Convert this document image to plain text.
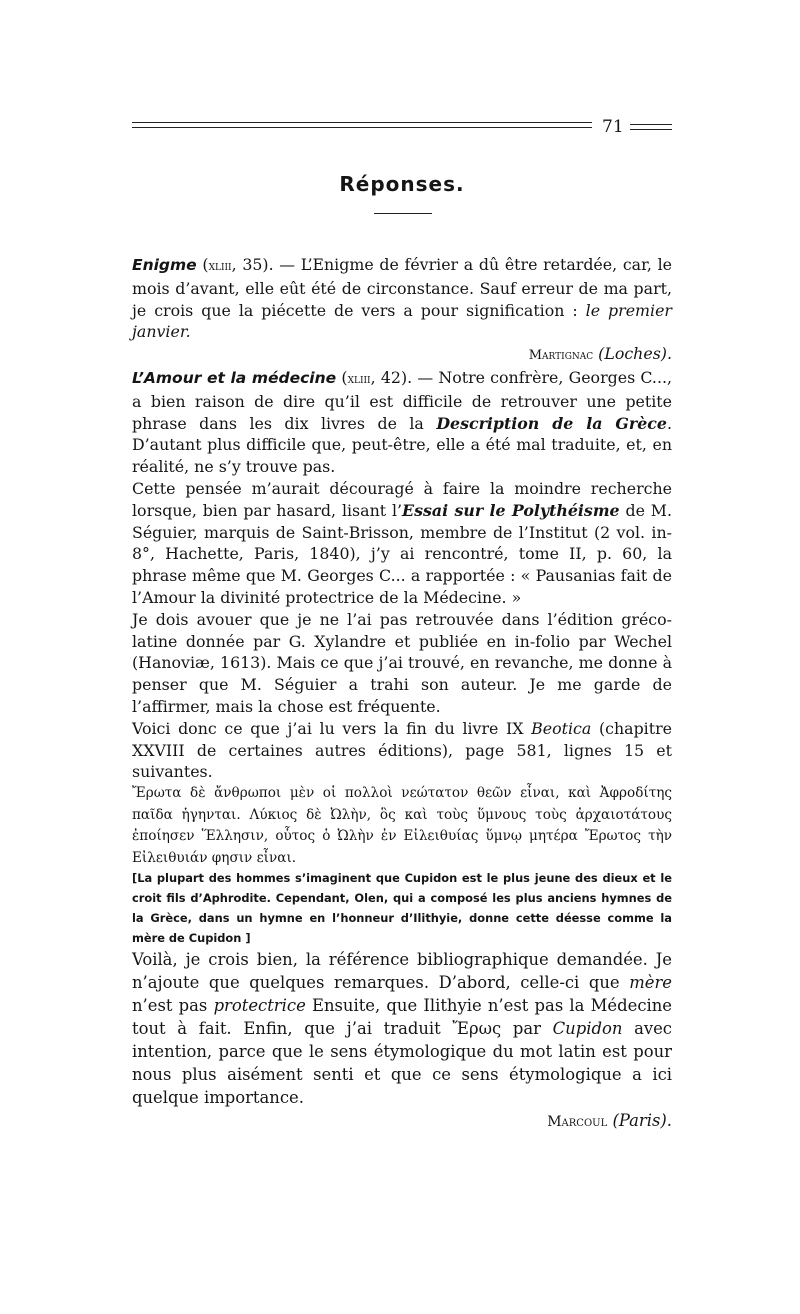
71
Réponses.

Enigme (xliii, 35). — L’Enigme de février a dû être retardée, car, le mois d’avant, elle eût été de circonstance. Sauf erreur de ma part, je crois que la piécette de vers a pour signification : le premier janvier.

Martignac (Loches).

L’Amour et la médecine (xliii, 42). — Notre confrère, Georges C..., a bien raison de dire qu’il est difficile de retrouver une petite phrase dans les dix livres de la Description de la Grèce. D’autant plus difficile que, peut-être, elle a été mal traduite, et, en réalité, ne s’y trouve pas.

Cette pensée m’aurait découragé à faire la moindre recherche lorsque, bien par hasard, lisant l’Essai sur le Polythéisme de M. Séguier, marquis de Saint-Brisson, membre de l’Institut (2 vol. in-8°, Hachette, Paris, 1840), j’y ai rencontré, tome II, p. 60, la phrase même que M. Georges C... a rapportée : « Pausanias fait de l’Amour la divinité protectrice de la Médecine. »

Je dois avouer que je ne l’ai pas retrouvée dans l’édition gréco-latine donnée par G. Xylandre et publiée en in-folio par Wechel (Hanoviæ, 1613). Mais ce que j’ai trouvé, en revanche, me donne à penser que M. Séguier a trahi son auteur. Je me garde de l’affirmer, mais la chose est fréquente.

Voici donc ce que j’ai lu vers la fin du livre IX Beotica (chapitre XXVIII de certaines autres éditions), page 581, lignes 15 et suivantes.

Ἔρωτα δὲ ἄνθρωποι μὲν οἱ πολλοὶ νεώτατον θεῶν εἶναι, καὶ Ἀφροδίτης παῖδα ἡγηνται. Λύκιος δὲ Ὠλὴν, ὃς καὶ τοὺς ὕμνους τοὺς ἀρχαιοτάτους ἐποίησεν Ἕλλησιν, οὗτος ὁ Ὠλὴν ἐν Εἰλειθυίας ὕμνῳ μητέρα Ἔρωτος τὴν Εἰλειθυιάν φησιν εἶναι.

[La plupart des hommes s’imaginent que Cupidon est le plus jeune des dieux et le croit fils d’Aphrodite. Cependant, Olen, qui a composé les plus anciens hymnes de la Grèce, dans un hymne en l’honneur d’Ilithyie, donne cette déesse comme la mère de Cupidon ]

Voilà, je crois bien, la référence bibliographique demandée. Je n’ajoute que quelques remarques. D’abord, celle-ci que mère n’est pas protectrice Ensuite, que Ilithyie n’est pas la Médecine tout à fait. Enfin, que j’ai traduit Ἔρως par Cupidon avec intention, parce que le sens étymologique du mot latin est pour nous plus aisément senti et que ce sens étymologique a ici quelque importance.

Marcoul (Paris).
